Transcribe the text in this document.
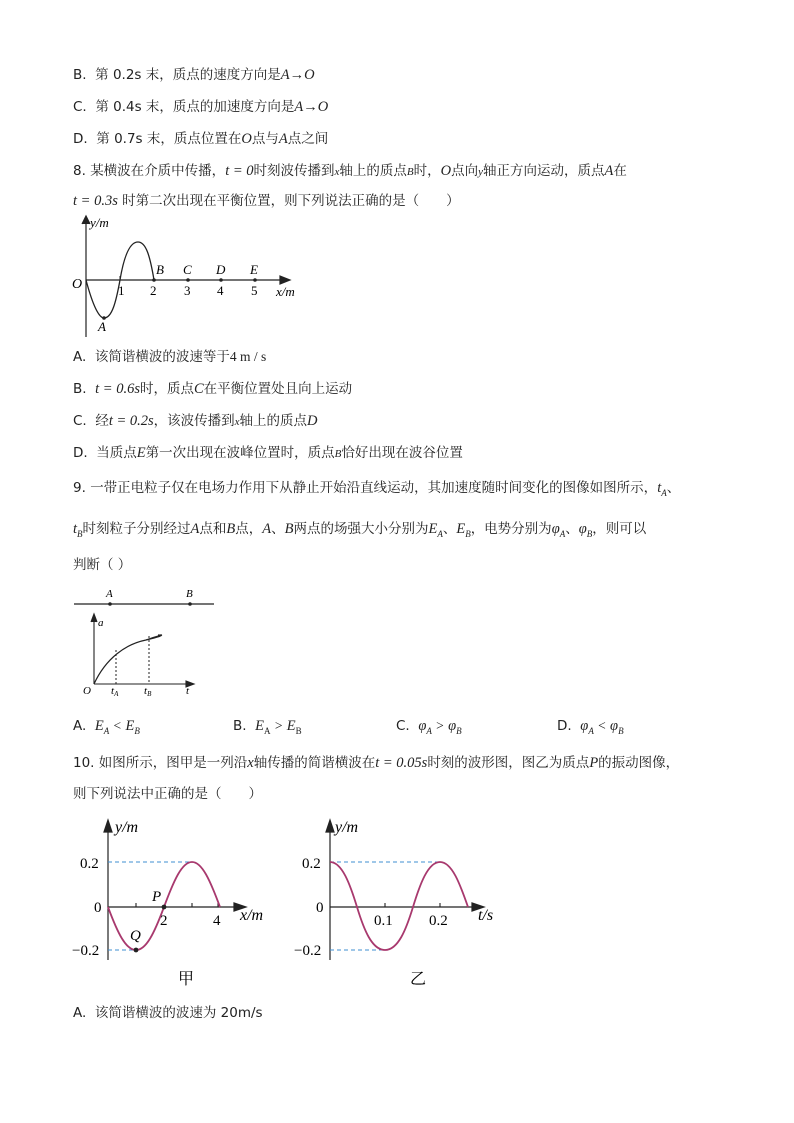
B. 第 0.2s 末，质点的速度方向是A→O
C. 第 0.4s 末，质点的加速度方向是A→O
D. 第 0.7s 末，质点位置在O点与A点之间
8. 某横波在介质中传播，t = 0时刻波传播到x轴上的质点B时，O点向y轴正方向运动，质点A在
t = 0.3s 时第二次出现在平衡位置，则下列说法正确的是（　　）
y/m
O	x/m
A
B C D E
1 2 3 4 5
A. 该简谐横波的波速等于4 m / s
B. t = 0.6s时，质点C在平衡位置处且向上运动
C. 经t = 0.2s，该波传播到x轴上的质点D
D. 当质点E第一次出现在波峰位置时，质点B恰好出现在波谷位置
9. 一带正电粒子仅在电场力作用下从静止开始沿直线运动，其加速度随时间变化的图像如图所示，$t_A$、
$t_B$时刻粒子分别经过A点和B点，A、B两点的场强大小分别为$E_A$、$E_B$，电势分别为$\varphi_A$、$\varphi_B$，则可以
判断（ ）
A	B
a
O tA tB	t
A. $E_A < E_B$	B. $E_A > E_B$	C. $\varphi_A > \varphi_B$	D. $\varphi_A < \varphi_B$
10. 如图所示，图甲是一列沿x轴传播的简谐横波在t = 0.05s时刻的波形图，图乙为质点P的振动图像，
则下列说法中正确的是（　　）
y/m
x/m
0.2
0
−0.2
P
Q
2	4
甲
y/m
t/s
0.2
0
−0.2
0.1 0.2
乙
A. 该简谐横波的波速为 20m/s
